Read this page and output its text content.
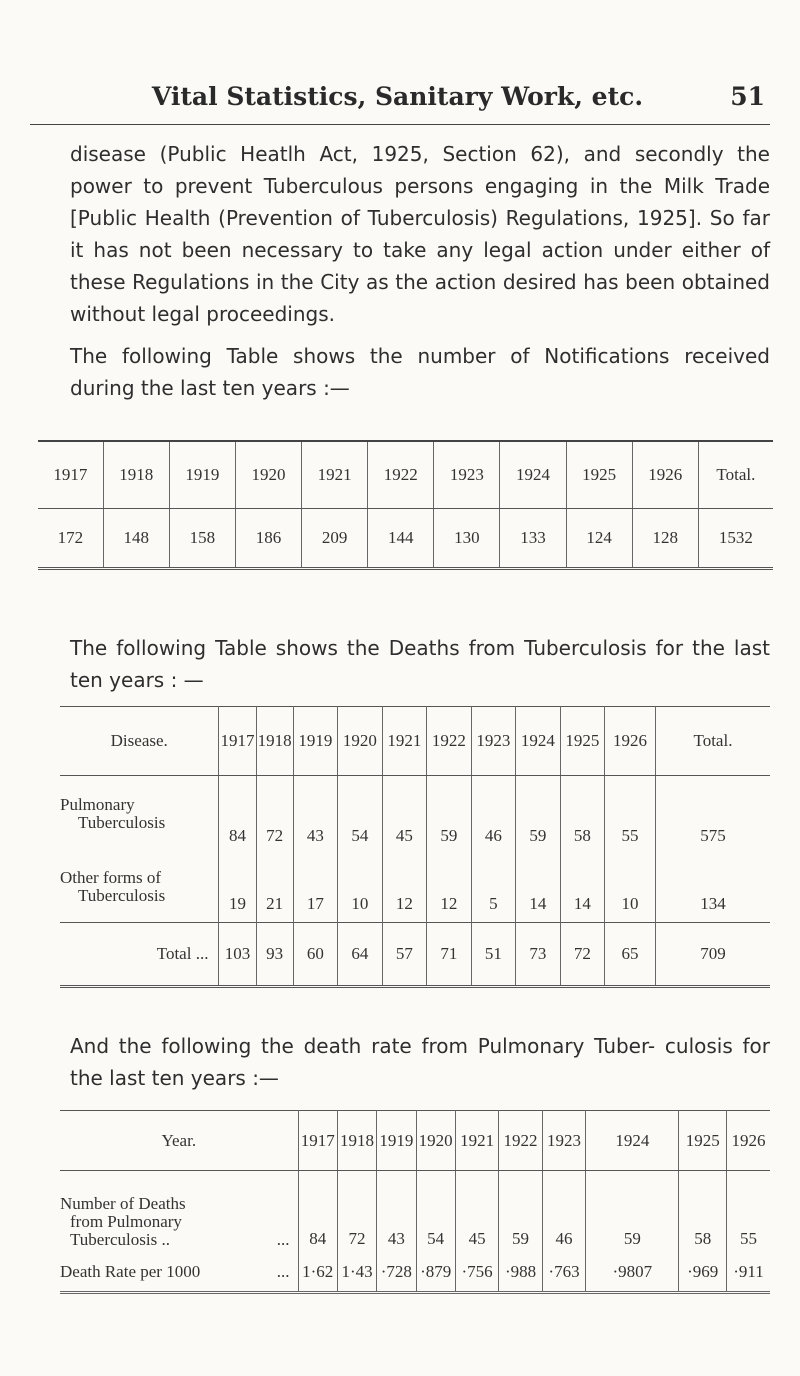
Vital Statistics, Sanitary Work, etc.	51

disease (Public Heatlh Act, 1925, Section 62), and secondly the power to prevent Tuberculous persons engaging in the Milk Trade [Public Health (Prevention of Tuberculosis) Regulations, 1925]. So far it has not been necessary to take any legal action under either of these Regulations in the City as the action desired has been obtained without legal proceedings.

The following Table shows the number of Notifications received during the last ten years :—

1917	1918	1919	1920	1921	1922	1923	1924	1925	1926	Total.
172	148	158	186	209	144	130	133	124	128	1532

The following Table shows the Deaths from Tuberculosis for the last ten years : —

Disease.	1917	1918	1919	1920	1921	1922	1923	1924	1925	1926	Total.

Pulmonary
Tuberculosis	84	72	43	54	45	59	46	59	58	55	575

Other forms of
Tuberculosis	19	21	17	10	12	12	5	14	14	10	134
Total ...	103	93	60	64	57	71	51	73	72	65	709

And the following the death rate from Pulmonary Tuber- culosis for the last ten years :—

Year.	1917	1918	1919	1920	1921	1922	1923	1924	1925	1926

Number of Deaths
from Pulmonary
Tuberculosis .. ...	84	72	43	54	45	59	46	59	58	55
Death Rate per 1000 ...	1·62	1·43	·728	·879	·756	·988	·763	·9807	·969	·911
